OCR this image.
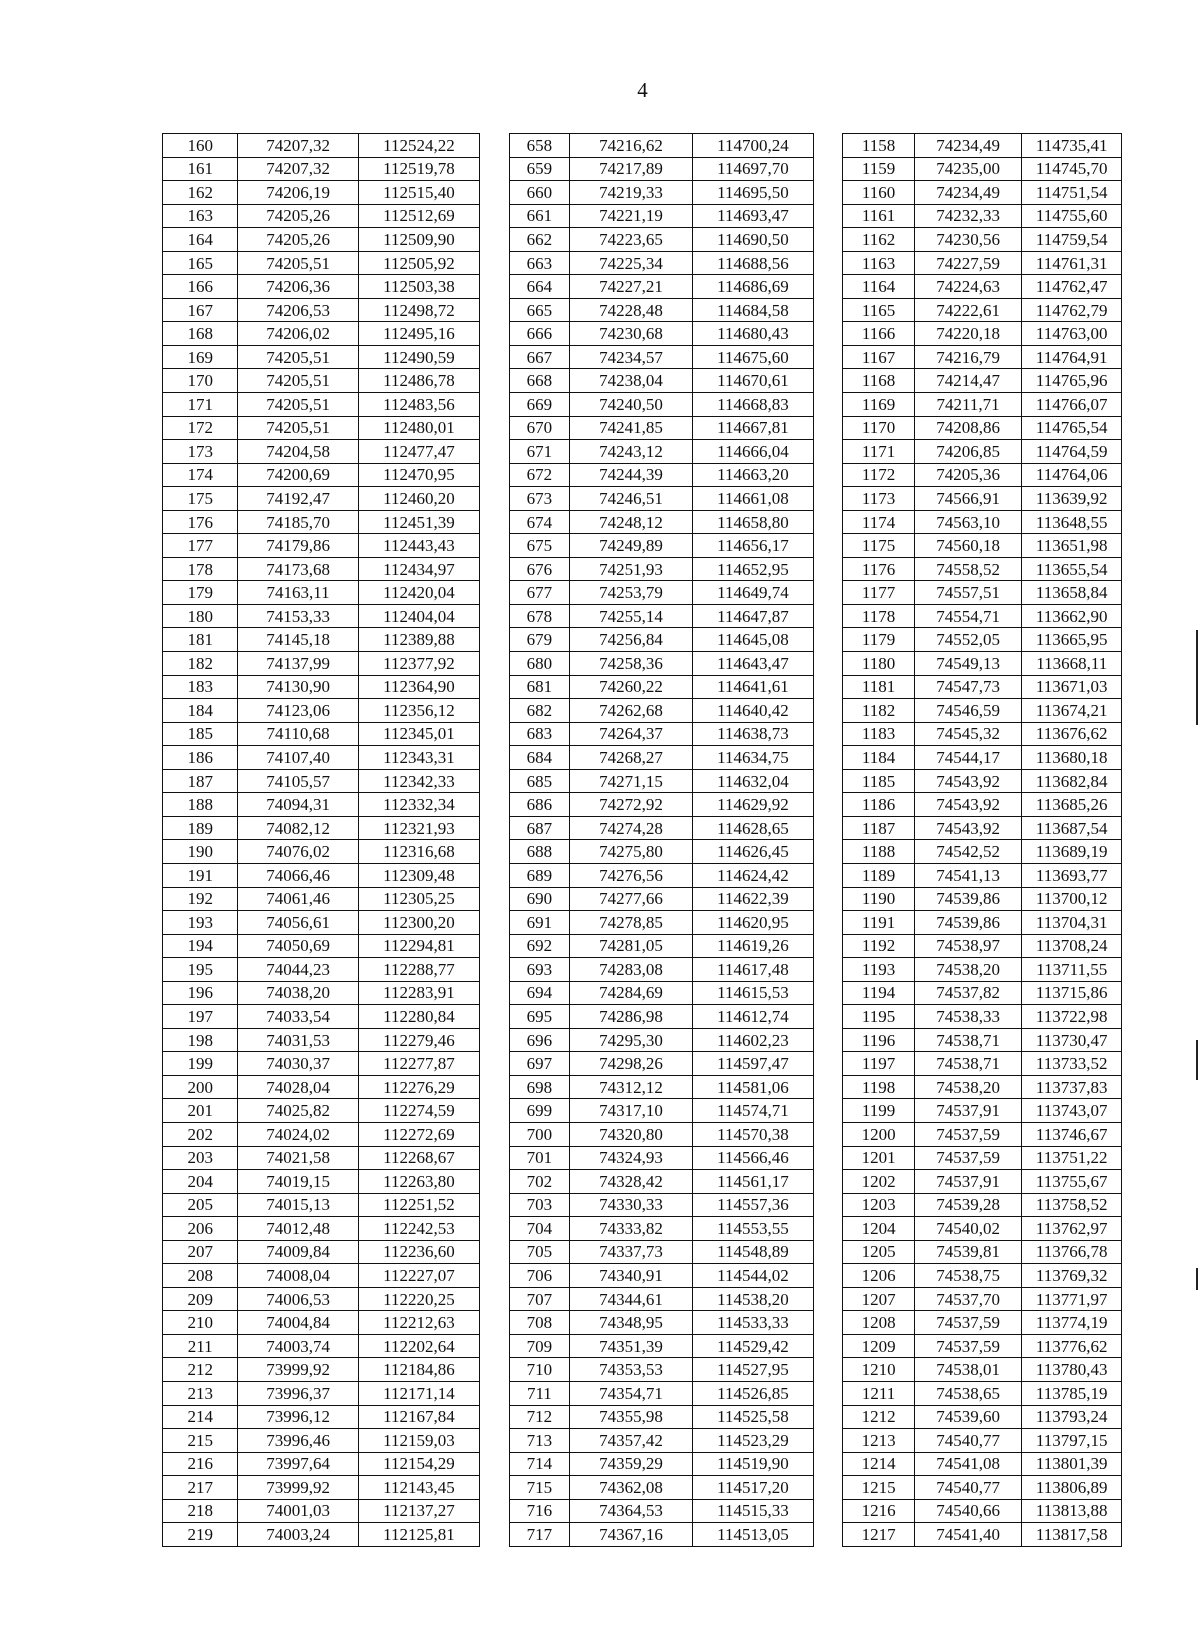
4
160	74207,32	112524,22		658	74216,62	114700,24		1158	74234,49	114735,41
161	74207,32	112519,78		659	74217,89	114697,70		1159	74235,00	114745,70
162	74206,19	112515,40		660	74219,33	114695,50		1160	74234,49	114751,54
163	74205,26	112512,69		661	74221,19	114693,47		1161	74232,33	114755,60
164	74205,26	112509,90		662	74223,65	114690,50		1162	74230,56	114759,54
165	74205,51	112505,92		663	74225,34	114688,56		1163	74227,59	114761,31
166	74206,36	112503,38		664	74227,21	114686,69		1164	74224,63	114762,47
167	74206,53	112498,72		665	74228,48	114684,58		1165	74222,61	114762,79
168	74206,02	112495,16		666	74230,68	114680,43		1166	74220,18	114763,00
169	74205,51	112490,59		667	74234,57	114675,60		1167	74216,79	114764,91
170	74205,51	112486,78		668	74238,04	114670,61		1168	74214,47	114765,96
171	74205,51	112483,56		669	74240,50	114668,83		1169	74211,71	114766,07
172	74205,51	112480,01		670	74241,85	114667,81		1170	74208,86	114765,54
173	74204,58	112477,47		671	74243,12	114666,04		1171	74206,85	114764,59
174	74200,69	112470,95		672	74244,39	114663,20		1172	74205,36	114764,06
175	74192,47	112460,20		673	74246,51	114661,08		1173	74566,91	113639,92
176	74185,70	112451,39		674	74248,12	114658,80		1174	74563,10	113648,55
177	74179,86	112443,43		675	74249,89	114656,17		1175	74560,18	113651,98
178	74173,68	112434,97		676	74251,93	114652,95		1176	74558,52	113655,54
179	74163,11	112420,04		677	74253,79	114649,74		1177	74557,51	113658,84
180	74153,33	112404,04		678	74255,14	114647,87		1178	74554,71	113662,90
181	74145,18	112389,88		679	74256,84	114645,08		1179	74552,05	113665,95
182	74137,99	112377,92		680	74258,36	114643,47		1180	74549,13	113668,11
183	74130,90	112364,90		681	74260,22	114641,61		1181	74547,73	113671,03
184	74123,06	112356,12		682	74262,68	114640,42		1182	74546,59	113674,21
185	74110,68	112345,01		683	74264,37	114638,73		1183	74545,32	113676,62
186	74107,40	112343,31		684	74268,27	114634,75		1184	74544,17	113680,18
187	74105,57	112342,33		685	74271,15	114632,04		1185	74543,92	113682,84
188	74094,31	112332,34		686	74272,92	114629,92		1186	74543,92	113685,26
189	74082,12	112321,93		687	74274,28	114628,65		1187	74543,92	113687,54
190	74076,02	112316,68		688	74275,80	114626,45		1188	74542,52	113689,19
191	74066,46	112309,48		689	74276,56	114624,42		1189	74541,13	113693,77
192	74061,46	112305,25		690	74277,66	114622,39		1190	74539,86	113700,12
193	74056,61	112300,20		691	74278,85	114620,95		1191	74539,86	113704,31
194	74050,69	112294,81		692	74281,05	114619,26		1192	74538,97	113708,24
195	74044,23	112288,77		693	74283,08	114617,48		1193	74538,20	113711,55
196	74038,20	112283,91		694	74284,69	114615,53		1194	74537,82	113715,86
197	74033,54	112280,84		695	74286,98	114612,74		1195	74538,33	113722,98
198	74031,53	112279,46		696	74295,30	114602,23		1196	74538,71	113730,47
199	74030,37	112277,87		697	74298,26	114597,47		1197	74538,71	113733,52
200	74028,04	112276,29		698	74312,12	114581,06		1198	74538,20	113737,83
201	74025,82	112274,59		699	74317,10	114574,71		1199	74537,91	113743,07
202	74024,02	112272,69		700	74320,80	114570,38		1200	74537,59	113746,67
203	74021,58	112268,67		701	74324,93	114566,46		1201	74537,59	113751,22
204	74019,15	112263,80		702	74328,42	114561,17		1202	74537,91	113755,67
205	74015,13	112251,52		703	74330,33	114557,36		1203	74539,28	113758,52
206	74012,48	112242,53		704	74333,82	114553,55		1204	74540,02	113762,97
207	74009,84	112236,60		705	74337,73	114548,89		1205	74539,81	113766,78
208	74008,04	112227,07		706	74340,91	114544,02		1206	74538,75	113769,32
209	74006,53	112220,25		707	74344,61	114538,20		1207	74537,70	113771,97
210	74004,84	112212,63		708	74348,95	114533,33		1208	74537,59	113774,19
211	74003,74	112202,64		709	74351,39	114529,42		1209	74537,59	113776,62
212	73999,92	112184,86		710	74353,53	114527,95		1210	74538,01	113780,43
213	73996,37	112171,14		711	74354,71	114526,85		1211	74538,65	113785,19
214	73996,12	112167,84		712	74355,98	114525,58		1212	74539,60	113793,24
215	73996,46	112159,03		713	74357,42	114523,29		1213	74540,77	113797,15
216	73997,64	112154,29		714	74359,29	114519,90		1214	74541,08	113801,39
217	73999,92	112143,45		715	74362,08	114517,20		1215	74540,77	113806,89
218	74001,03	112137,27		716	74364,53	114515,33		1216	74540,66	113813,88
219	74003,24	112125,81		717	74367,16	114513,05		1217	74541,40	113817,58
